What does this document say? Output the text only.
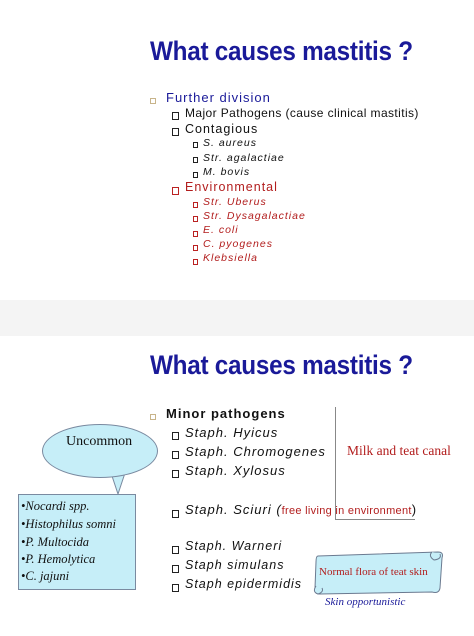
What causes mastitis ?
Further division
Major Pathogens (cause clinical mastitis)
Contagious
S. aureus
Str. agalactiae
M. bovis
Environmental
Str. Uberus
Str. Dysagalactiae
E. coli
C. pyogenes
Klebsiella
What causes mastitis ?
Minor pathogens
Staph. Hyicus
Staph. Chromogenes
Staph. Xylosus
Milk and teat canal
Staph. Sciuri (free living in environment)
Staph. Warneri
Staph simulans
Staph epidermidis
Normal flora of teat skin
Skin opportunistic
Uncommon
•Nocardi spp.
•Histophilus somni
•P. Multocida
•P. Hemolytica
•C. jajuni
